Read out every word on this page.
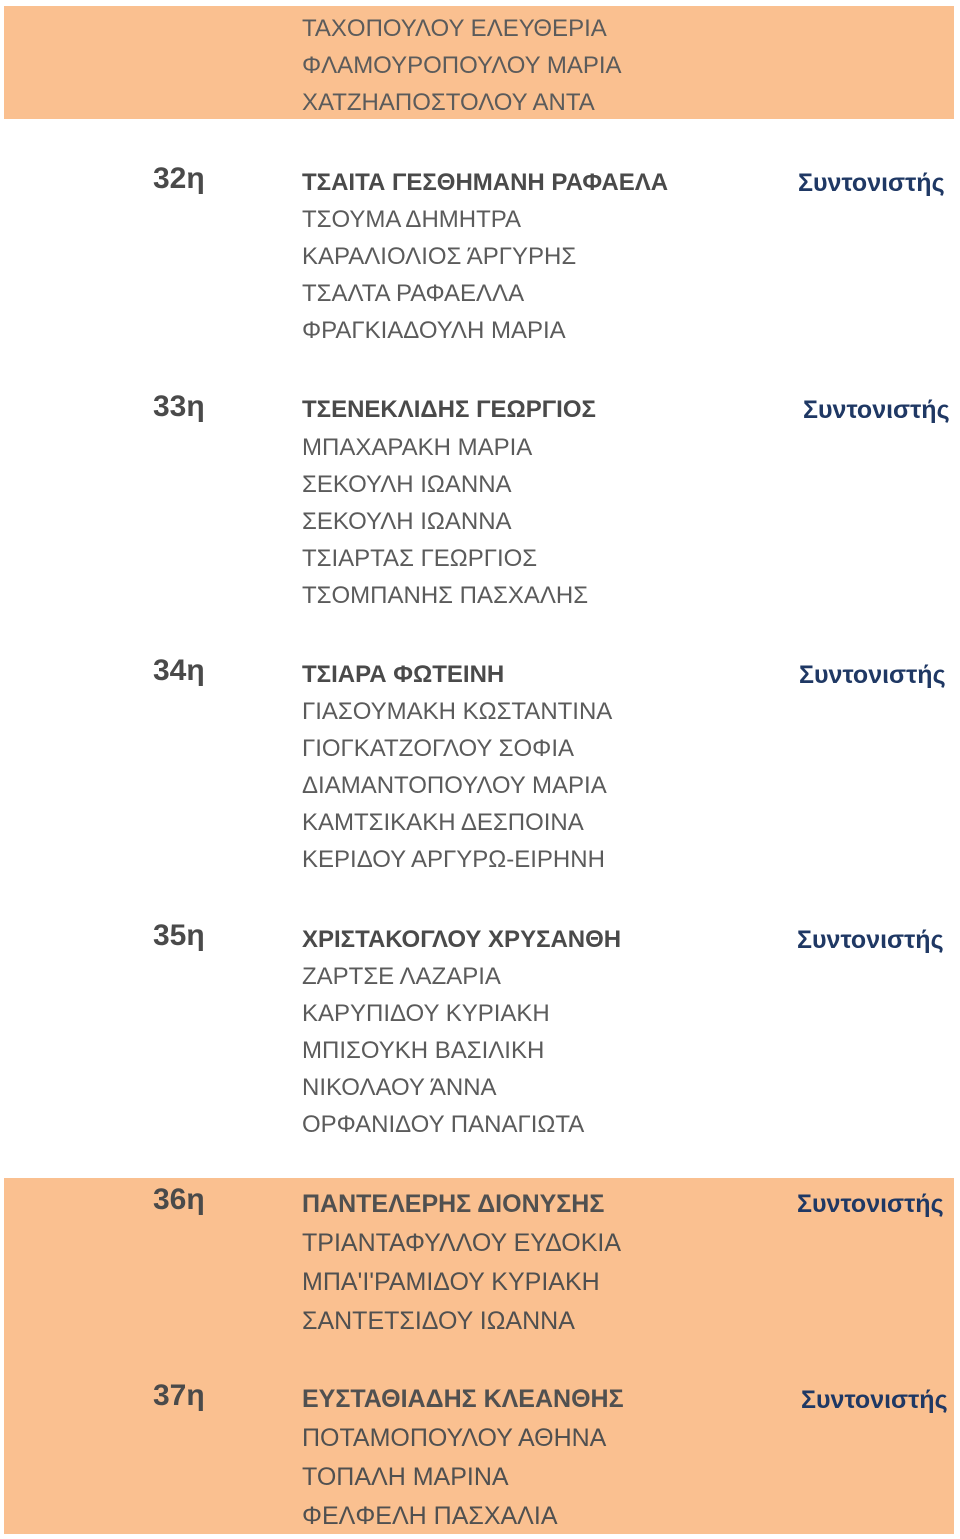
ΤΑΧΟΠΟΥΛΟΥ ΕΛΕΥΘΕΡΙΑ
ΦΛΑΜΟΥΡΟΠΟΥΛΟΥ ΜΑΡΙΑ
ΧΑΤΖΗΑΠΟΣΤΟΛΟΥ ΑΝΤΑ
32η	ΤΣΑΙΤΑ ΓΕΣΘΗΜΑΝΗ ΡΑΦΑΕΛΑ	Συντονιστής
ΤΣΟΥΜΑ ΔΗΜΗΤΡΑ
ΚΑΡΑΛΙΟΛΙΟΣ ΆΡΓΥΡΗΣ
ΤΣΑΛΤΑ ΡΑΦΑΕΛΛΑ
ΦΡΑΓΚΙΑΔΟΥΛΗ ΜΑΡΙΑ
33η	ΤΣΕΝΕΚΛΙΔΗΣ ΓΕΩΡΓΙΟΣ	Συντονιστής
ΜΠΑΧΑΡΑΚΗ ΜΑΡΙΑ
ΣΕΚΟΥΛΗ ΙΩΑΝΝΑ
ΣΕΚΟΥΛΗ ΙΩΑΝΝΑ
ΤΣΙΑΡΤΑΣ ΓΕΩΡΓΙΟΣ
ΤΣΟΜΠΑΝΗΣ ΠΑΣΧΑΛΗΣ
34η	ΤΣΙΑΡΑ ΦΩΤΕΙΝΗ	Συντονιστής
ΓΙΑΣΟΥΜΑΚΗ ΚΩΣΤΑΝΤΙΝΑ
ΓΙΟΓΚΑΤΖΟΓΛΟΥ ΣΟΦΙΑ
ΔΙΑΜΑΝΤΟΠΟΥΛΟΥ ΜΑΡΙΑ
ΚΑΜΤΣΙΚΑΚΗ ΔΕΣΠΟΙΝΑ
ΚΕΡΙΔΟΥ ΑΡΓΥΡΩ-ΕΙΡΗΝΗ
35η	ΧΡΙΣΤΑΚΟΓΛΟΥ ΧΡΥΣΑΝΘΗ	Συντονιστής
ΖΑΡΤΣΕ ΛΑΖΑΡΙΑ
ΚΑΡΥΠΙΔΟΥ ΚΥΡΙΑΚΗ
ΜΠΙΣΟΥΚΗ ΒΑΣΙΛΙΚΗ
ΝΙΚΟΛΑΟΥ ΆΝΝΑ
ΟΡΦΑΝΙΔΟΥ ΠΑΝΑΓΙΩΤΑ
36η	ΠΑΝΤΕΛΕΡΗΣ ΔΙΟΝΥΣΗΣ	Συντονιστής
ΤΡΙΑΝΤΑΦΥΛΛΟΥ ΕΥΔΟΚΙΑ
ΜΠΑ'Ι'ΡΑΜΙΔΟΥ ΚΥΡΙΑΚΗ
ΣΑΝΤΕΤΣΙΔΟΥ ΙΩΑΝΝΑ
37η	ΕΥΣΤΑΘΙΑΔΗΣ ΚΛΕΑΝΘΗΣ	Συντονιστής
ΠΟΤΑΜΟΠΟΥΛΟΥ ΑΘΗΝΑ
ΤΟΠΑΛΗ ΜΑΡΙΝΑ
ΦΕΛΦΕΛΗ ΠΑΣΧΑΛΙΑ
